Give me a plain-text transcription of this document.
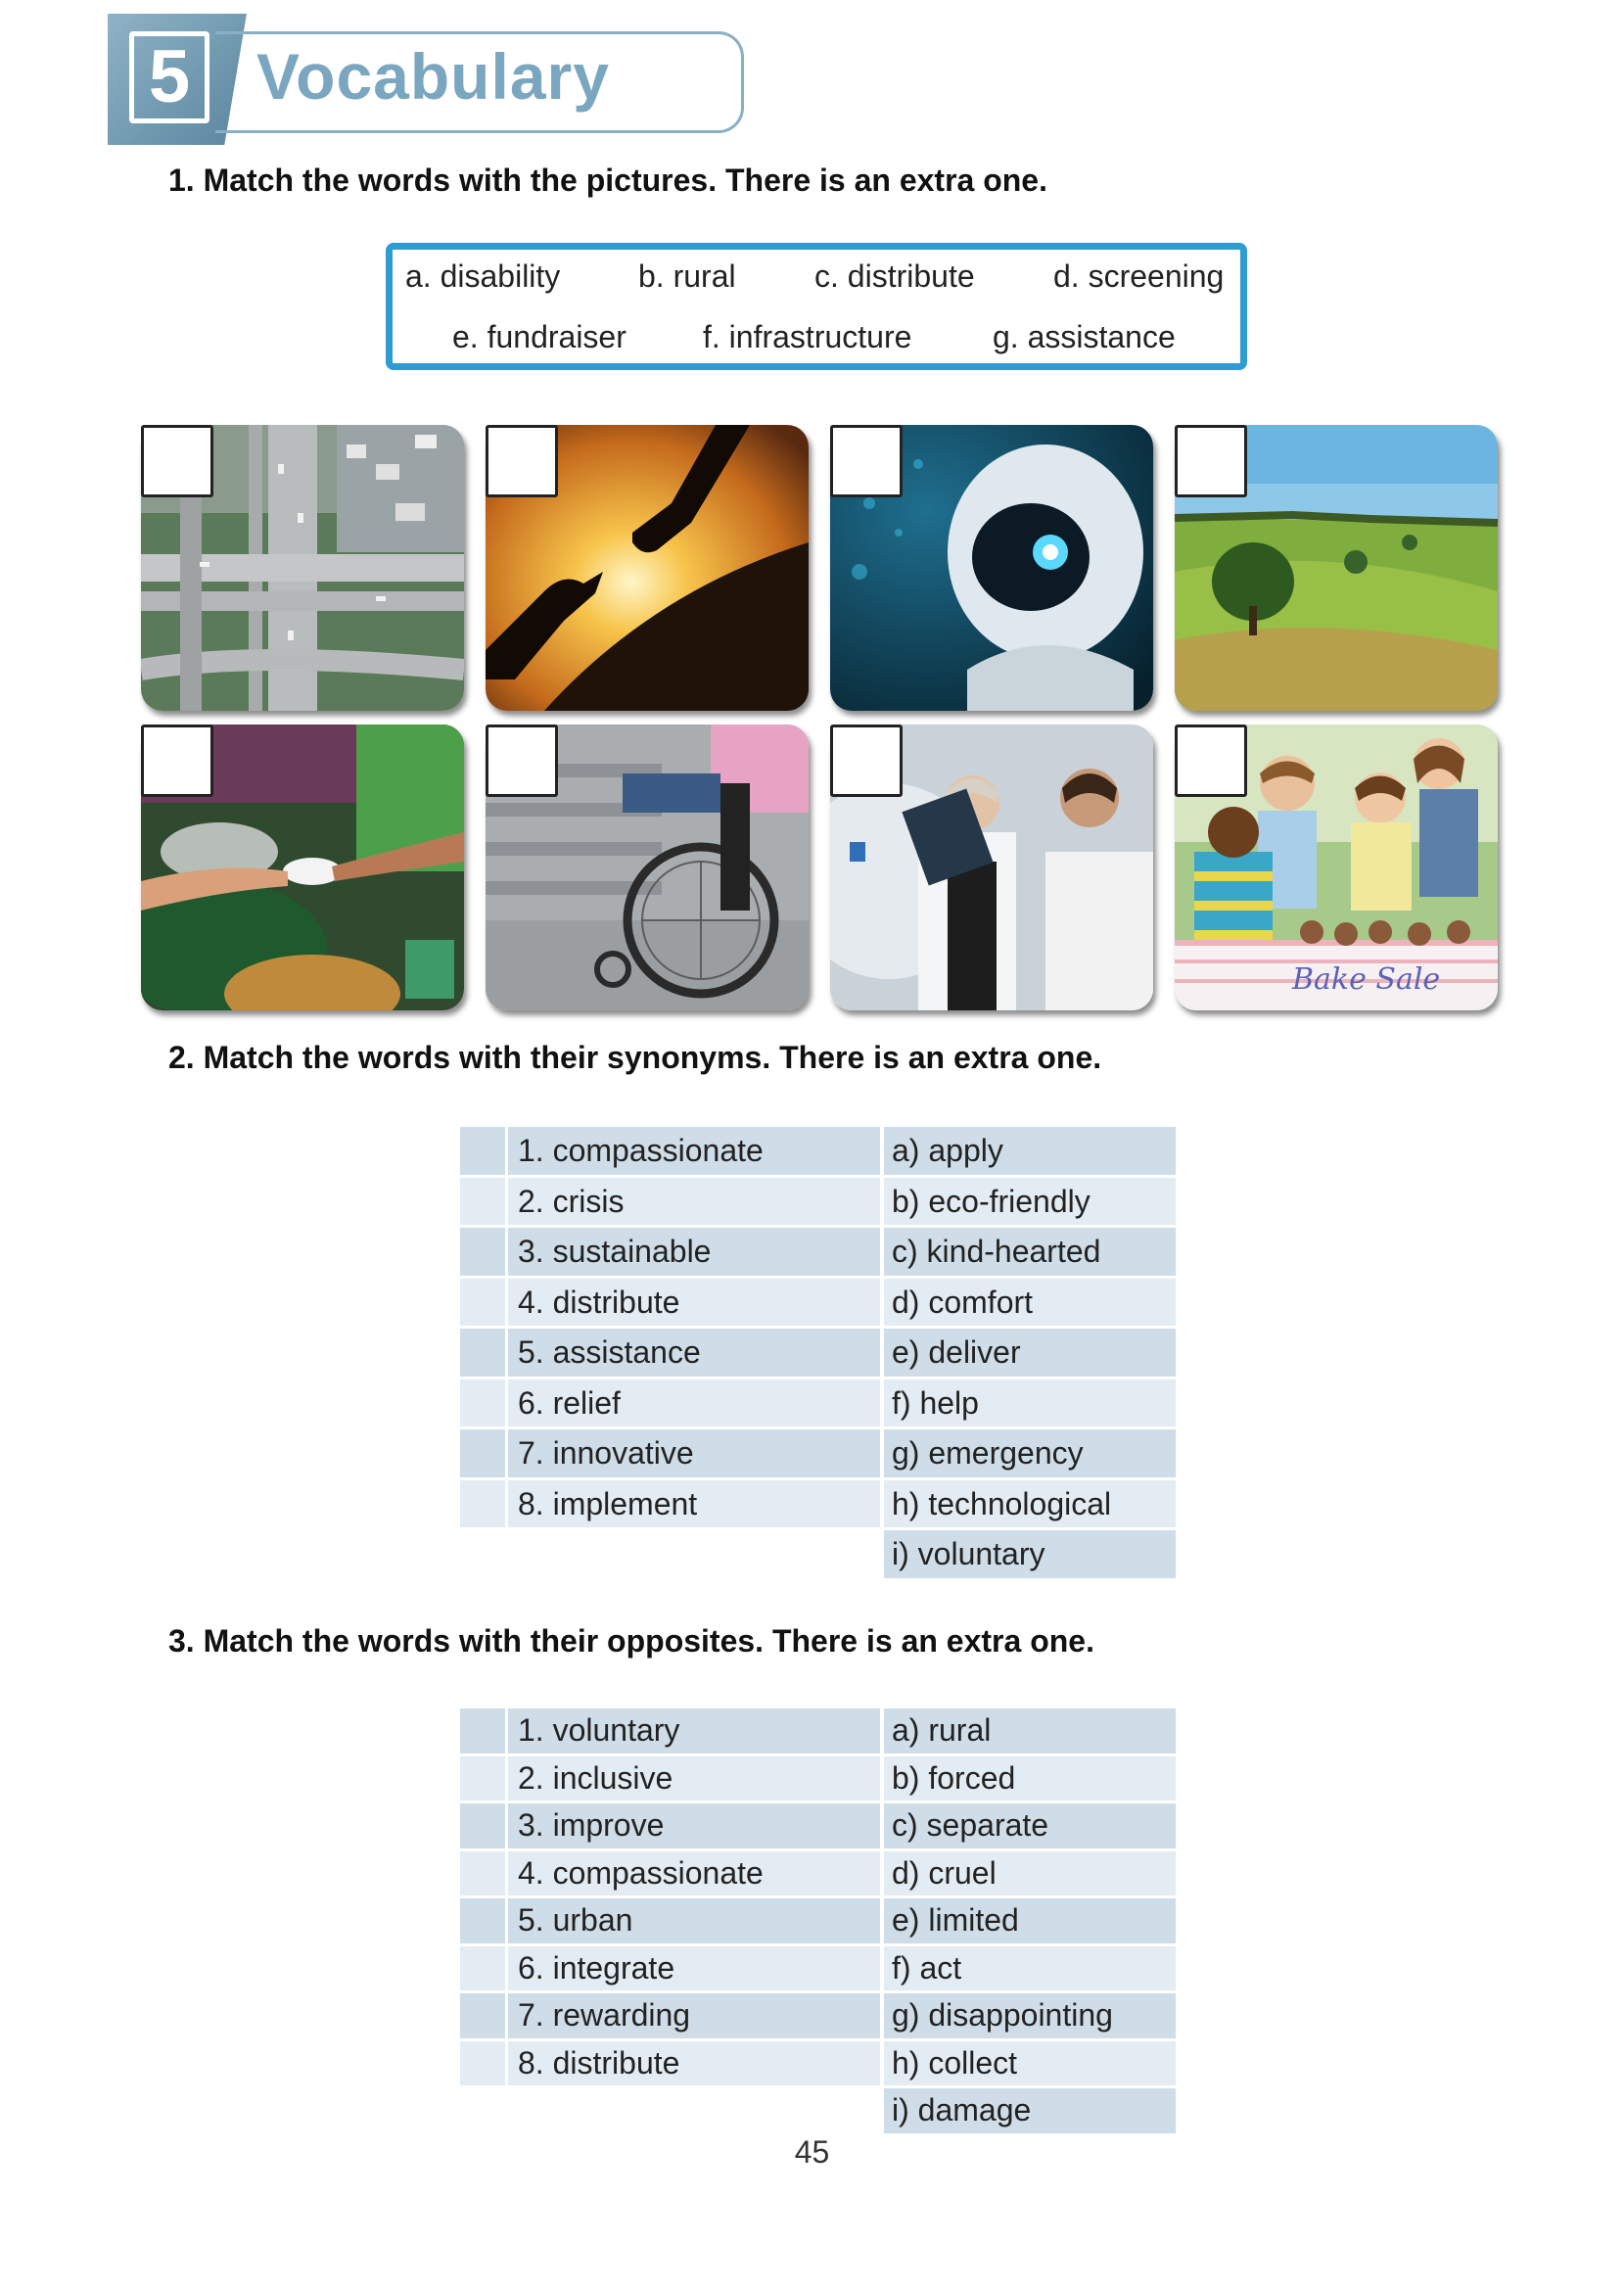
5	Vocabulary
1. Match the words with the pictures. There is an extra one.
a. disability b. rural	c. distribute	d. screening
e. fundraiser f. infrastructure	g. assistance
Bake Sale
2. Match the words with their synonyms. There is an extra one.
1. compassionate	a) apply
2. crisis	b) eco-friendly
3. sustainable	c) kind-hearted
4. distribute	d) comfort
5. assistance	e) deliver
6. relief	f) help
7. innovative	g) emergency
8. implement	h) technological
i) voluntary
3. Match the words with their opposites. There is an extra one.
1. voluntary	a) rural
2. inclusive	b) forced
3. improve	c) separate
4. compassionate	d) cruel
5. urban	e) limited
6. integrate	f) act
7. rewarding	g) disappointing
8. distribute	h) collect
i) damage
45
